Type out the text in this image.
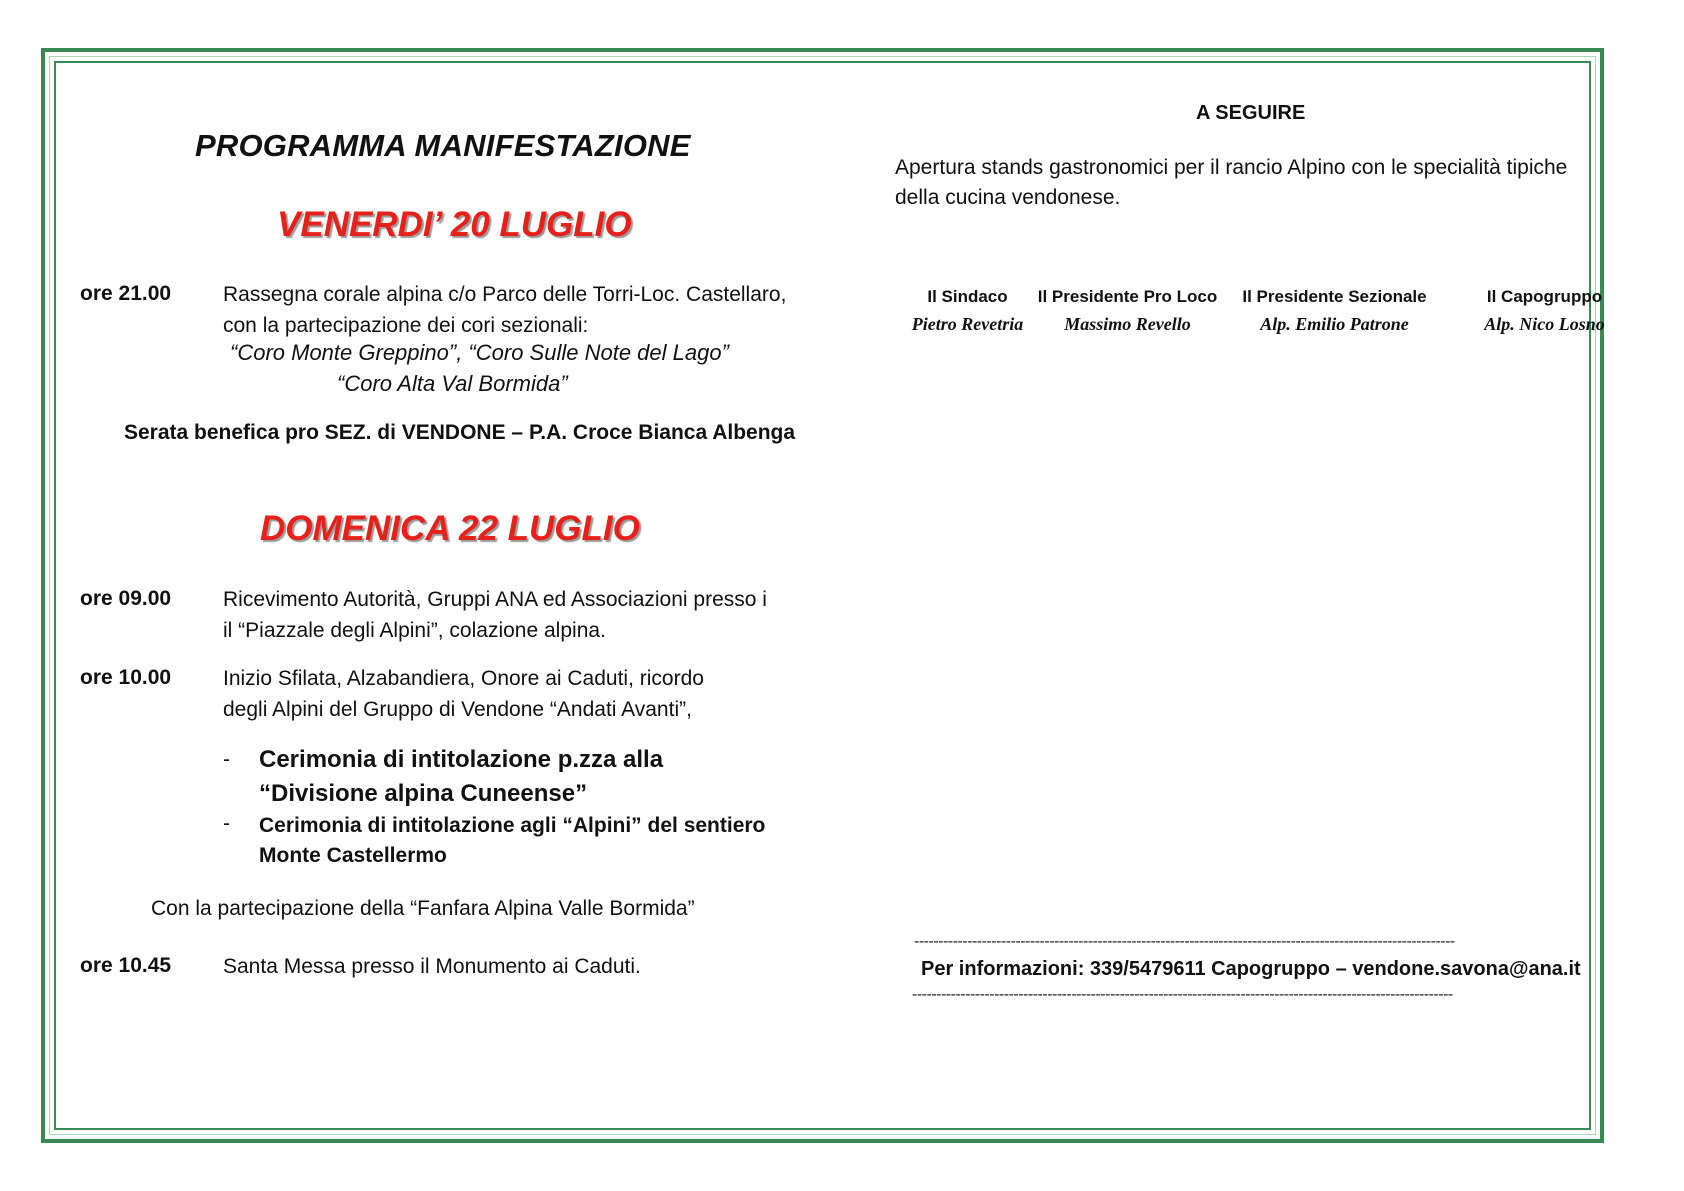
PROGRAMMA MANIFESTAZIONE
VENERDI’ 20 LUGLIO
ore 21.00 Rassegna corale alpina c/o Parco delle Torri-Loc. Castellaro,
con la partecipazione dei cori sezionali:
“Coro Monte Greppino”, “Coro Sulle Note del Lago”
“Coro Alta Val Bormida”
Serata benefica pro SEZ. di VENDONE – P.A. Croce Bianca Albenga
DOMENICA 22 LUGLIO
ore 09.00 Ricevimento Autorità, Gruppi ANA ed Associazioni presso i
il “Piazzale degli Alpini”, colazione alpina.
ore 10.00 Inizio Sfilata, Alzabandiera, Onore ai Caduti, ricordo
degli Alpini del Gruppo di Vendone “Andati Avanti”,
- Cerimonia di intitolazione p.zza alla
“Divisione alpina Cuneense”
- Cerimonia di intitolazione agli “Alpini” del sentiero
Monte Castellermo
Con la partecipazione della “Fanfara Alpina Valle Bormida”
ore 10.45 Santa Messa presso il Monumento ai Caduti.
A SEGUIRE
Apertura stands gastronomici per il rancio Alpino con le specialità tipiche
della cucina vendonese.
Il Sindaco
Pietro Revetria
Il Presidente Pro Loco
Massimo Revello
Il Presidente Sezionale
Alp. Emilio Patrone
Il Capogruppo
Alp. Nico Losno
----------------------------------------------------------------------------------------------------------------
Per informazioni: 339/5479611 Capogruppo – vendone.savona@ana.it
----------------------------------------------------------------------------------------------------------------
